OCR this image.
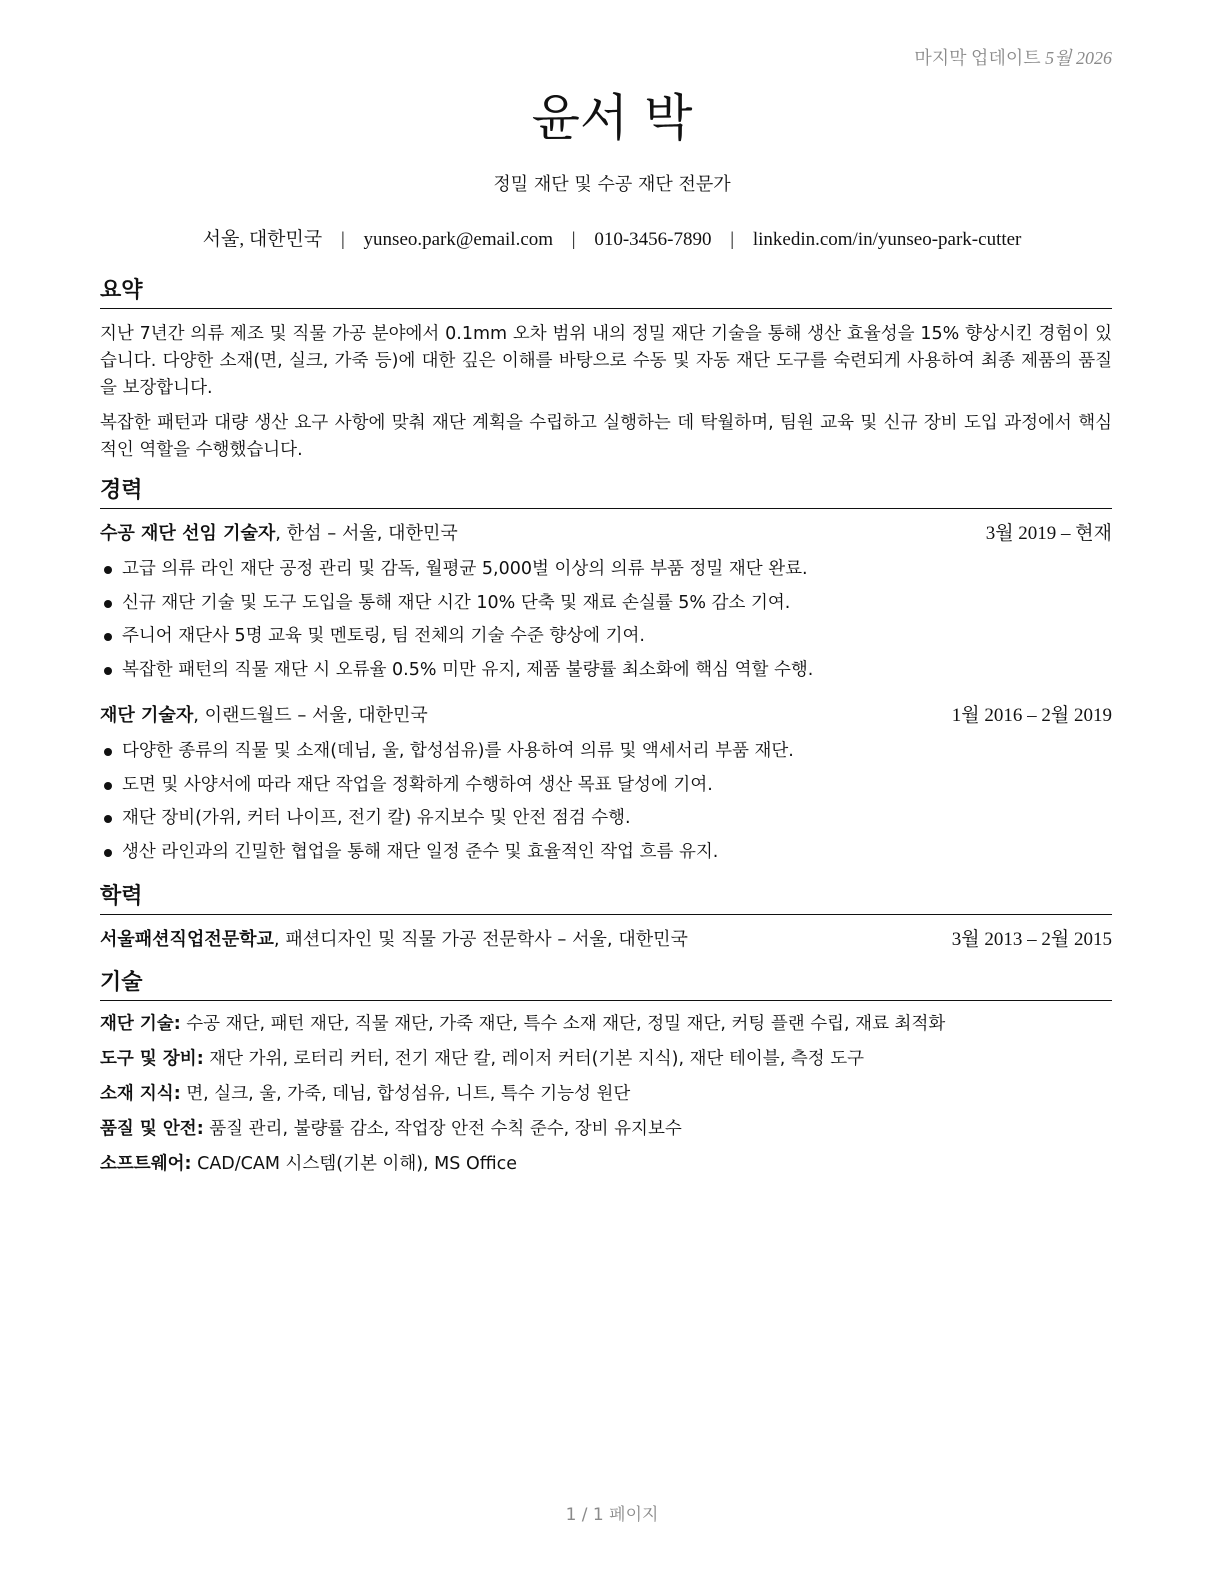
마지막 업데이트 5월 2026
윤서 박
정밀 재단 및 수공 재단 전문가
서울, 대한민국 | yunseo.park@email.com | 010-3456-7890 | linkedin.com/in/yunseo-park-cutter
요약

지난 7년간 의류 제조 및 직물 가공 분야에서 0.1mm 오차 범위 내의 정밀 재단 기술을 통해 생산 효율성을 15% 향상시킨 경험이 있습니다. 다양한 소재(면, 실크, 가죽 등)에 대한 깊은 이해를 바탕으로 수동 및 자동 재단 도구를 숙련되게 사용하여 최종 제품의 품질을 보장합니다.

복잡한 패턴과 대량 생산 요구 사항에 맞춰 재단 계획을 수립하고 실행하는 데 탁월하며, 팀원 교육 및 신규 장비 도입 과정에서 핵심적인 역할을 수행했습니다.

경력
수공 재단 선임 기술자, 한섬 – 서울, 대한민국	3월 2019 – 현재
고급 의류 라인 재단 공정 관리 및 감독, 월평균 5,000벌 이상의 의류 부품 정밀 재단 완료.
신규 재단 기술 및 도구 도입을 통해 재단 시간 10% 단축 및 재료 손실률 5% 감소 기여.
주니어 재단사 5명 교육 및 멘토링, 팀 전체의 기술 수준 향상에 기여.
복잡한 패턴의 직물 재단 시 오류율 0.5% 미만 유지, 제품 불량률 최소화에 핵심 역할 수행.
재단 기술자, 이랜드월드 – 서울, 대한민국	1월 2016 – 2월 2019
다양한 종류의 직물 및 소재(데님, 울, 합성섬유)를 사용하여 의류 및 액세서리 부품 재단.
도면 및 사양서에 따라 재단 작업을 정확하게 수행하여 생산 목표 달성에 기여.
재단 장비(가위, 커터 나이프, 전기 칼) 유지보수 및 안전 점검 수행.
생산 라인과의 긴밀한 협업을 통해 재단 일정 준수 및 효율적인 작업 흐름 유지.
학력
서울패션직업전문학교, 패션디자인 및 직물 가공 전문학사 – 서울, 대한민국	3월 2013 – 2월 2015
기술
재단 기술: 수공 재단, 패턴 재단, 직물 재단, 가죽 재단, 특수 소재 재단, 정밀 재단, 커팅 플랜 수립, 재료 최적화
도구 및 장비: 재단 가위, 로터리 커터, 전기 재단 칼, 레이저 커터(기본 지식), 재단 테이블, 측정 도구
소재 지식: 면, 실크, 울, 가죽, 데님, 합성섬유, 니트, 특수 기능성 원단
품질 및 안전: 품질 관리, 불량률 감소, 작업장 안전 수칙 준수, 장비 유지보수
소프트웨어: CAD/CAM 시스템(기본 이해), MS Office
1 / 1 페이지
